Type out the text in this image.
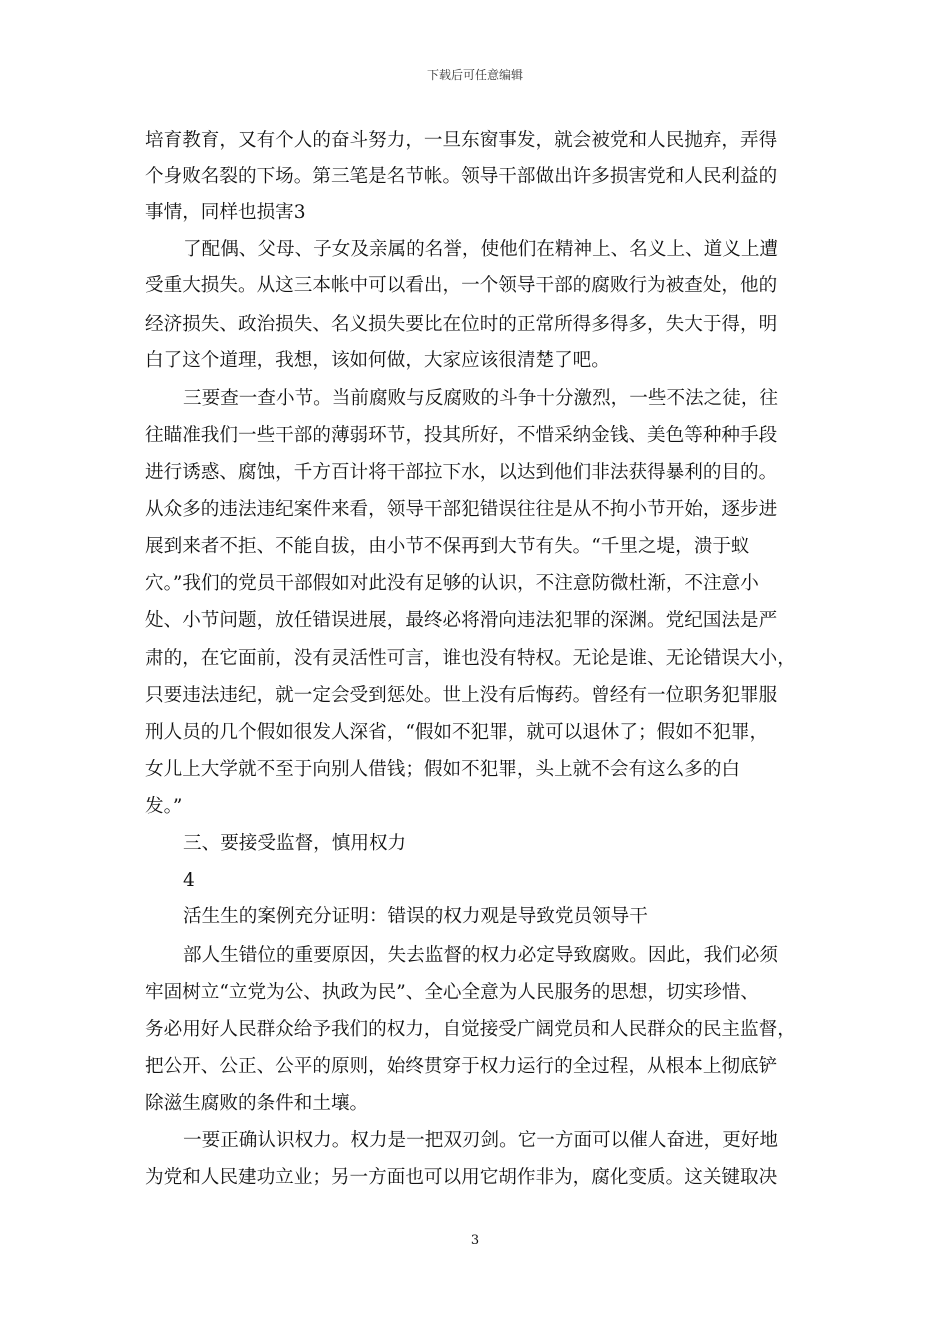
下载后可任意编辑
培育教育，又有个人的奋斗努力，一旦东窗事发，就会被党和人民抛弃，弄得
个身败名裂的下场。第三笔是名节帐。领导干部做出许多损害党和人民利益的
事情，同样也损害3
了配偶、父母、子女及亲属的名誉，使他们在精神上、名义上、道义上遭
受重大损失。从这三本帐中可以看出，一个领导干部的腐败行为被查处，他的
经济损失、政治损失、名义损失要比在位时的正常所得多得多，失大于得，明
白了这个道理，我想，该如何做，大家应该很清楚了吧。
三要查一查小节。当前腐败与反腐败的斗争十分激烈，一些不法之徒，往
往瞄准我们一些干部的薄弱环节，投其所好，不惜采纳金钱、美色等种种手段
进行诱惑、腐蚀，千方百计将干部拉下水，以达到他们非法获得暴利的目的。
从众多的违法违纪案件来看，领导干部犯错误往往是从不拘小节开始，逐步进
展到来者不拒、不能自拔，由小节不保再到大节有失。“千里之堤，溃于蚁
穴。”我们的党员干部假如对此没有足够的认识，不注意防微杜渐，不注意小
处、小节问题，放任错误进展，最终必将滑向违法犯罪的深渊。党纪国法是严
肃的，在它面前，没有灵活性可言，谁也没有特权。无论是谁、无论错误大小，
只要违法违纪，就一定会受到惩处。世上没有后悔药。曾经有一位职务犯罪服
刑人员的几个假如很发人深省，“假如不犯罪，就可以退休了；假如不犯罪，
女儿上大学就不至于向别人借钱；假如不犯罪，头上就不会有这么多的白
发。”
三、要接受监督，慎用权力
4
活生生的案例充分证明：错误的权力观是导致党员领导干
部人生错位的重要原因，失去监督的权力必定导致腐败。因此，我们必须
牢固树立“立党为公、执政为民”、全心全意为人民服务的思想，切实珍惜、
务必用好人民群众给予我们的权力，自觉接受广阔党员和人民群众的民主监督，
把公开、公正、公平的原则，始终贯穿于权力运行的全过程，从根本上彻底铲
除滋生腐败的条件和土壤。
一要正确认识权力。权力是一把双刃剑。它一方面可以催人奋进，更好地
为党和人民建功立业；另一方面也可以用它胡作非为，腐化变质。这关键取决
3
